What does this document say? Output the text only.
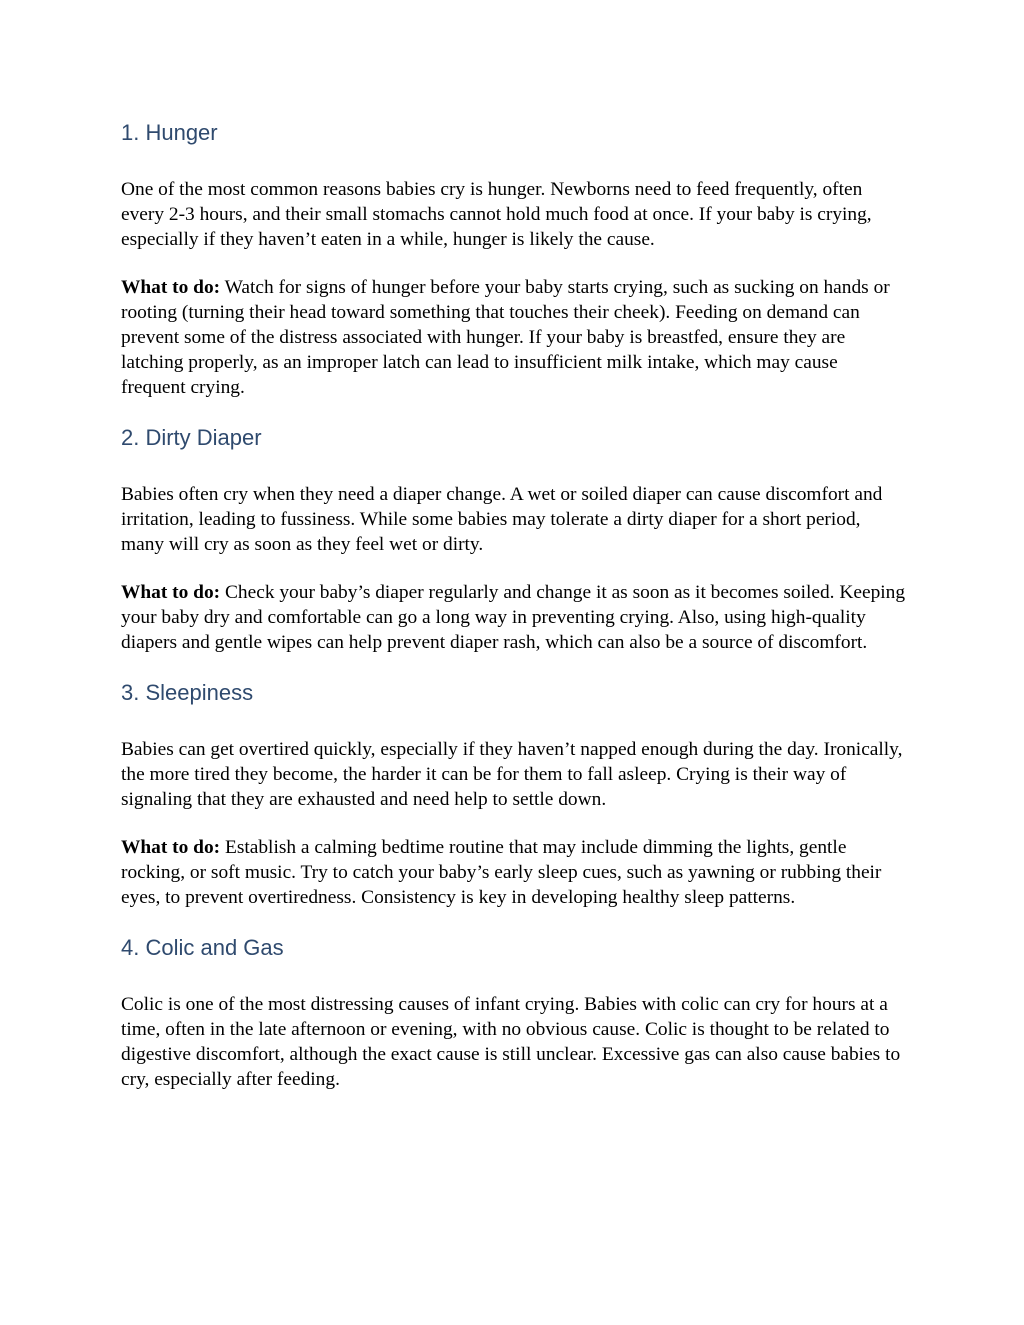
1. Hunger

One of the most common reasons babies cry is hunger. Newborns need to feed frequently, often every 2-3 hours, and their small stomachs cannot hold much food at once. If your baby is crying, especially if they haven’t eaten in a while, hunger is likely the cause.

What to do: Watch for signs of hunger before your baby starts crying, such as sucking on hands or rooting (turning their head toward something that touches their cheek). Feeding on demand can prevent some of the distress associated with hunger. If your baby is breastfed, ensure they are latching properly, as an improper latch can lead to insufficient milk intake, which may cause frequent crying.

2. Dirty Diaper

Babies often cry when they need a diaper change. A wet or soiled diaper can cause discomfort and irritation, leading to fussiness. While some babies may tolerate a dirty diaper for a short period, many will cry as soon as they feel wet or dirty.

What to do: Check your baby’s diaper regularly and change it as soon as it becomes soiled. Keeping your baby dry and comfortable can go a long way in preventing crying. Also, using high-quality diapers and gentle wipes can help prevent diaper rash, which can also be a source of discomfort.

3. Sleepiness

Babies can get overtired quickly, especially if they haven’t napped enough during the day. Ironically, the more tired they become, the harder it can be for them to fall asleep. Crying is their way of signaling that they are exhausted and need help to settle down.

What to do: Establish a calming bedtime routine that may include dimming the lights, gentle rocking, or soft music. Try to catch your baby’s early sleep cues, such as yawning or rubbing their eyes, to prevent overtiredness. Consistency is key in developing healthy sleep patterns.

4. Colic and Gas

Colic is one of the most distressing causes of infant crying. Babies with colic can cry for hours at a time, often in the late afternoon or evening, with no obvious cause. Colic is thought to be related to digestive discomfort, although the exact cause is still unclear. Excessive gas can also cause babies to cry, especially after feeding.
